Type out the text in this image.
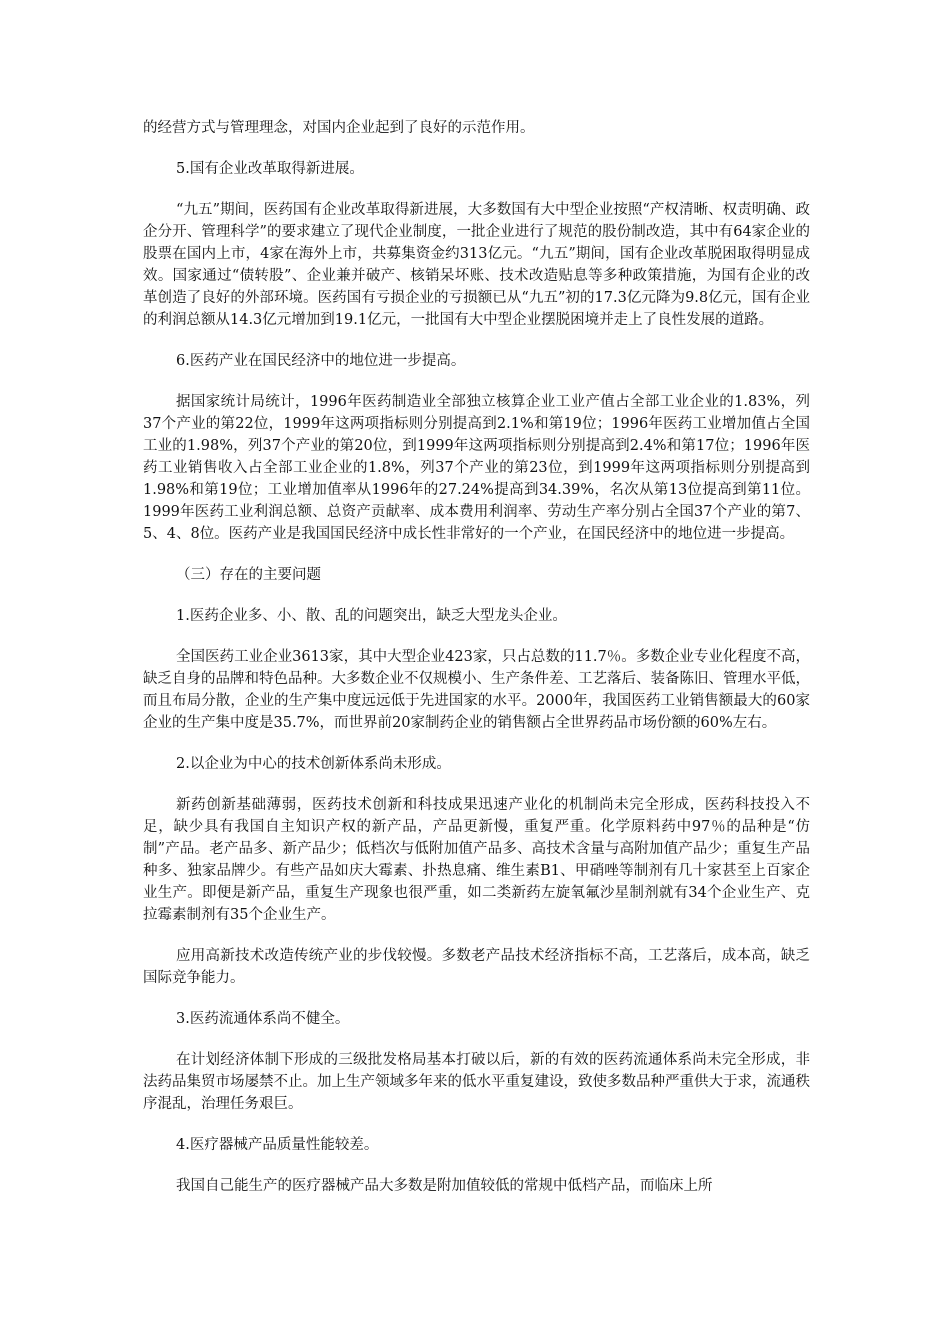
的经营方式与管理理念，对国内企业起到了良好的示范作用。

5.国有企业改革取得新进展。

“九五”期间，医药国有企业改革取得新进展，大多数国有大中型企业按照“产权清晰、权责明确、政企分开、管理科学”的要求建立了现代企业制度，一批企业进行了规范的股份制改造，其中有64家企业的股票在国内上市，4家在海外上市，共募集资金约313亿元。“九五”期间，国有企业改革脱困取得明显成效。国家通过“债转股”、企业兼并破产、核销呆坏账、技术改造贴息等多种政策措施，为国有企业的改革创造了良好的外部环境。医药国有亏损企业的亏损额已从“九五”初的17.3亿元降为9.8亿元，国有企业的利润总额从14.3亿元增加到19.1亿元，一批国有大中型企业摆脱困境并走上了良性发展的道路。

6.医药产业在国民经济中的地位进一步提高。

据国家统计局统计，1996年医药制造业全部独立核算企业工业产值占全部工业企业的1.83%，列37个产业的第22位，1999年这两项指标则分别提高到2.1%和第19位；1996年医药工业增加值占全国工业的1.98%，列37个产业的第20位，到1999年这两项指标则分别提高到2.4%和第17位；1996年医药工业销售收入占全部工业企业的1.8%，列37个产业的第23位，到1999年这两项指标则分别提高到1.98%和第19位；工业增加值率从1996年的27.24%提高到34.39%，名次从第13位提高到第11位。1999年医药工业利润总额、总资产贡献率、成本费用利润率、劳动生产率分别占全国37个产业的第7、5、4、8位。医药产业是我国国民经济中成长性非常好的一个产业，在国民经济中的地位进一步提高。

（三）存在的主要问题

1.医药企业多、小、散、乱的问题突出，缺乏大型龙头企业。

全国医药工业企业3613家，其中大型企业423家，只占总数的11.7％。多数企业专业化程度不高，缺乏自身的品牌和特色品种。大多数企业不仅规模小、生产条件差、工艺落后、装备陈旧、管理水平低，而且布局分散，企业的生产集中度远远低于先进国家的水平。2000年，我国医药工业销售额最大的60家企业的生产集中度是35.7%，而世界前20家制药企业的销售额占全世界药品市场份额的60%左右。

2.以企业为中心的技术创新体系尚未形成。

新药创新基础薄弱，医药技术创新和科技成果迅速产业化的机制尚未完全形成，医药科技投入不足，缺少具有我国自主知识产权的新产品，产品更新慢，重复严重。化学原料药中97％的品种是“仿制”产品。老产品多、新产品少；低档次与低附加值产品多、高技术含量与高附加值产品少；重复生产品种多、独家品牌少。有些产品如庆大霉素、扑热息痛、维生素B1、甲硝唑等制剂有几十家甚至上百家企业生产。即便是新产品，重复生产现象也很严重，如二类新药左旋氧氟沙星制剂就有34个企业生产、克拉霉素制剂有35个企业生产。

应用高新技术改造传统产业的步伐较慢。多数老产品技术经济指标不高，工艺落后，成本高，缺乏国际竞争能力。

3.医药流通体系尚不健全。

在计划经济体制下形成的三级批发格局基本打破以后，新的有效的医药流通体系尚未完全形成，非法药品集贸市场屡禁不止。加上生产领域多年来的低水平重复建设，致使多数品种严重供大于求，流通秩序混乱，治理任务艰巨。

4.医疗器械产品质量性能较差。

我国自己能生产的医疗器械产品大多数是附加值较低的常规中低档产品，而临床上所
